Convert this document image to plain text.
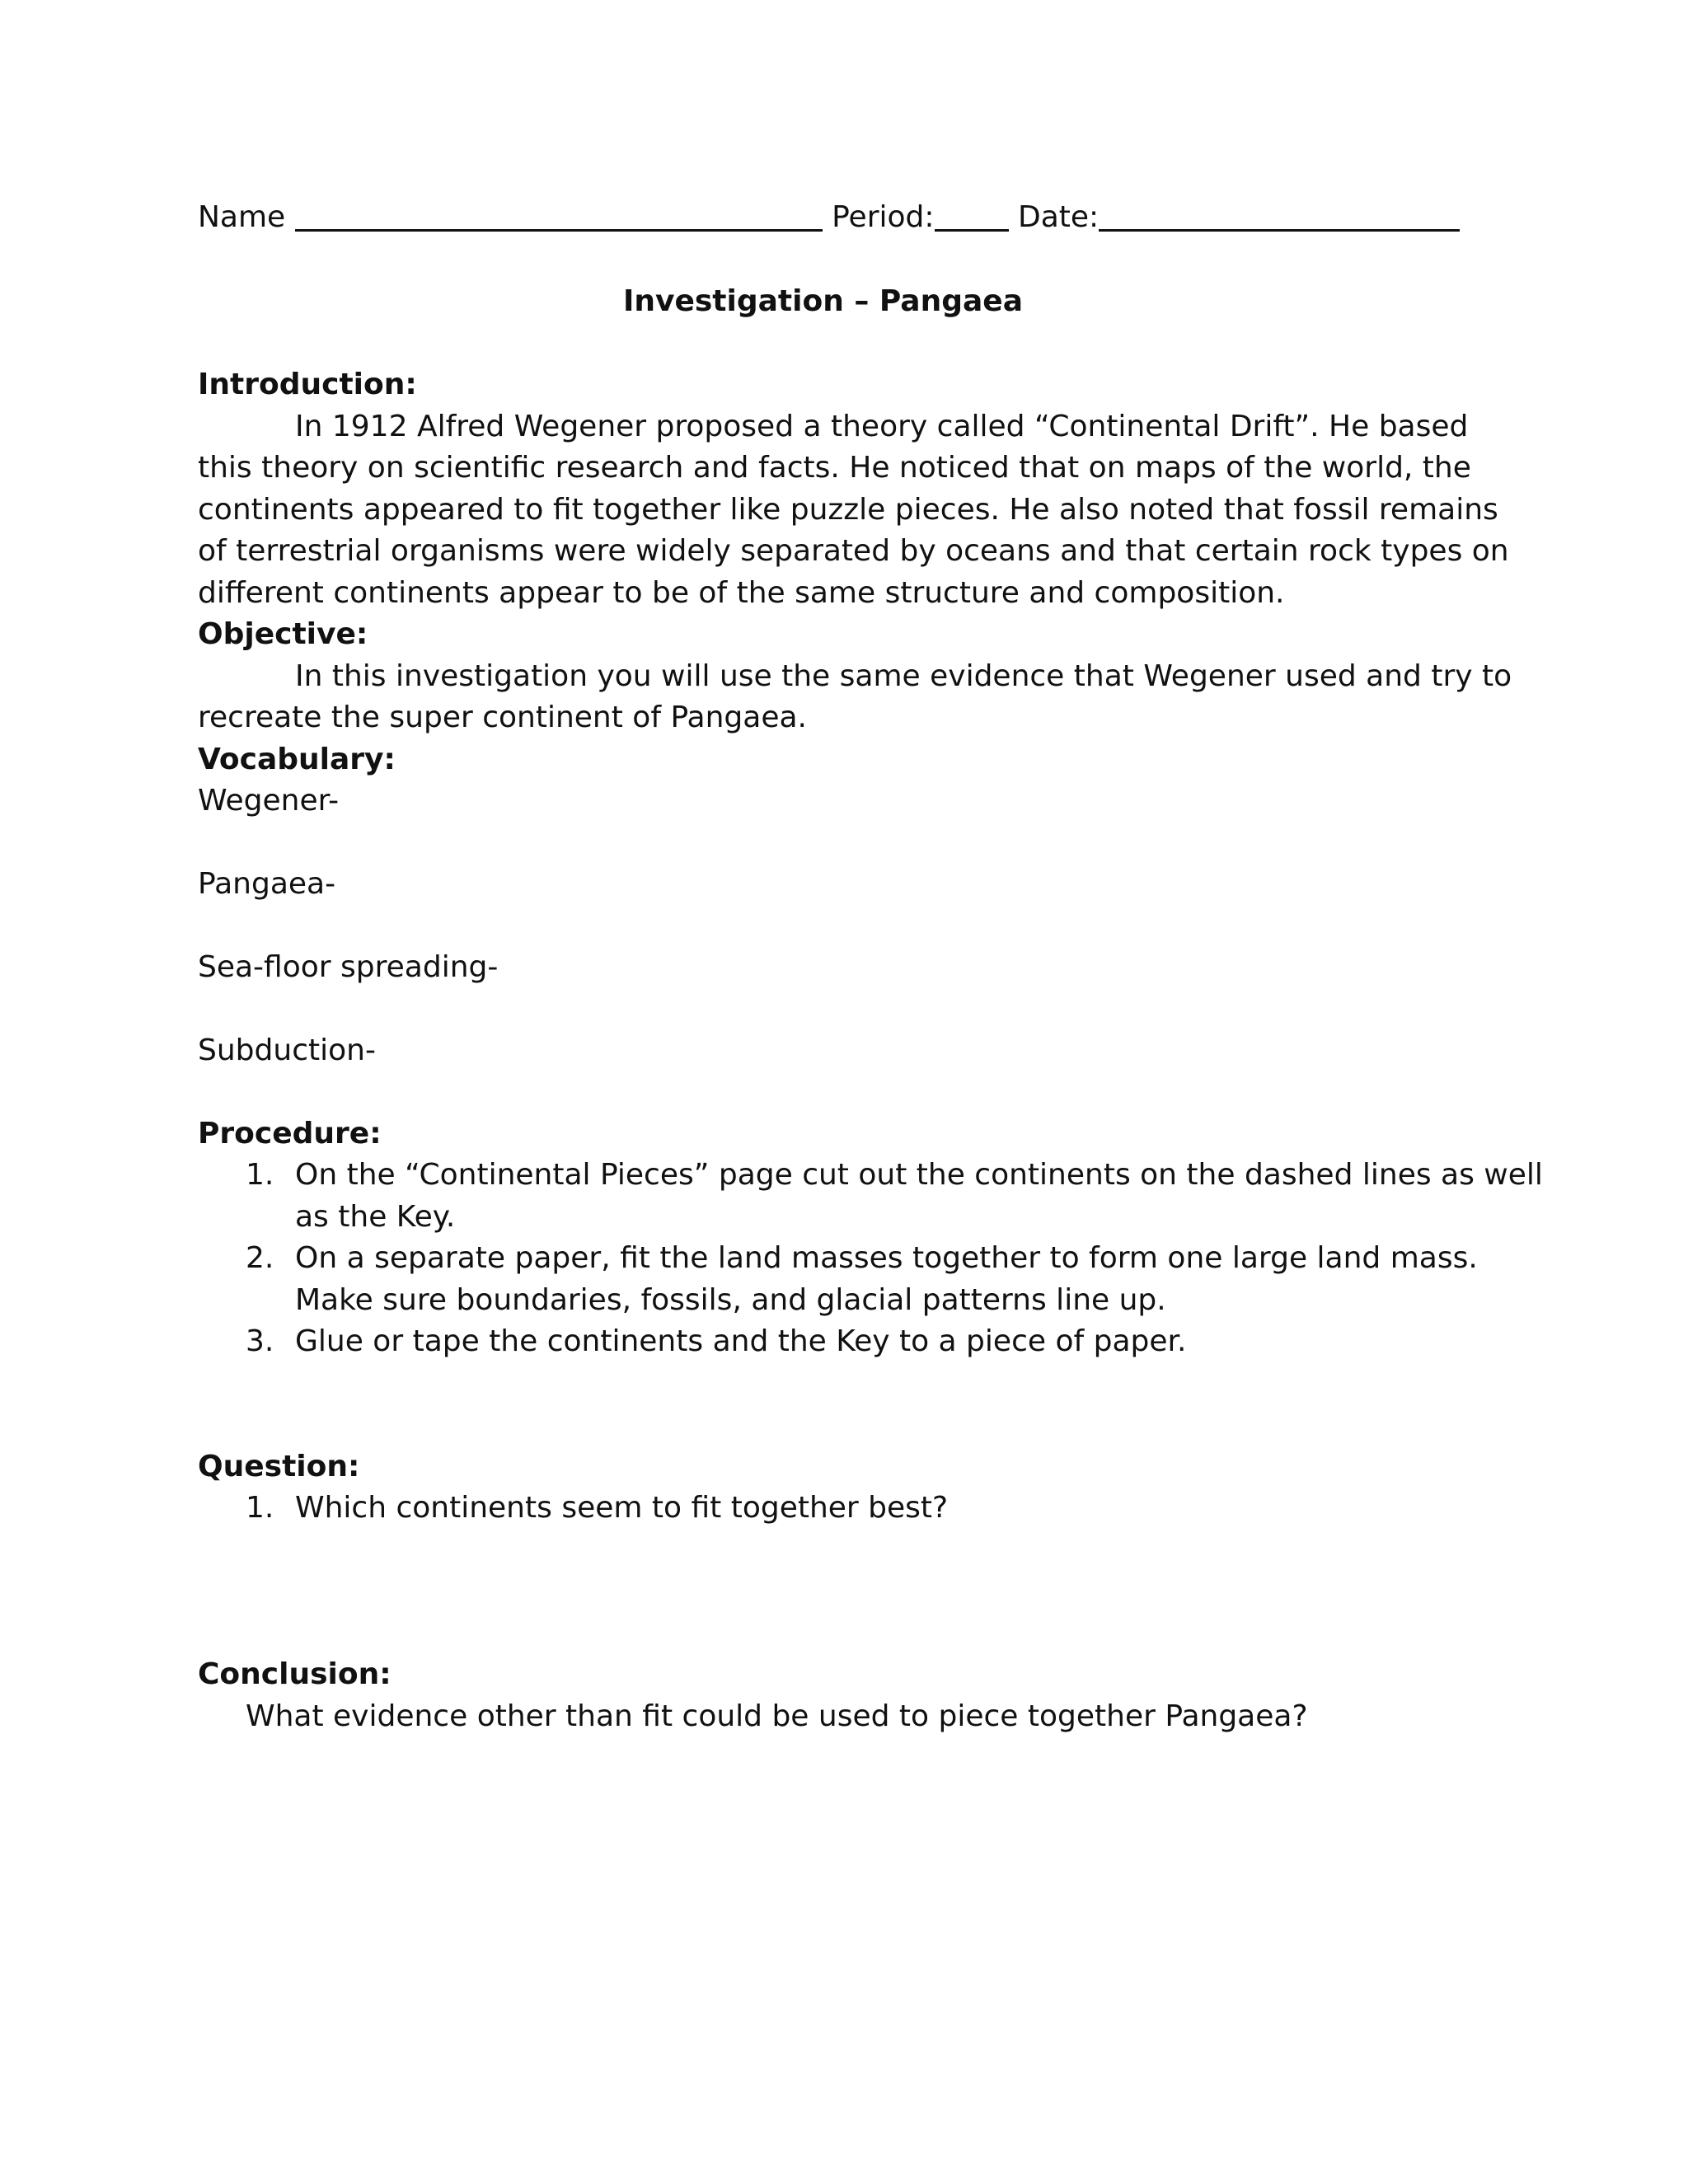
Name	Period:	Date:
Investigation – Pangaea
Introduction:
In 1912 Alfred Wegener proposed a theory called “Continental Drift”. He based
this theory on scientific research and facts. He noticed that on maps of the world, the
continents appeared to fit together like puzzle pieces. He also noted that fossil remains
of terrestrial organisms were widely separated by oceans and that certain rock types on
different continents appear to be of the same structure and composition.
Objective:
In this investigation you will use the same evidence that Wegener used and try to
recreate the super continent of Pangaea.
Vocabulary:
Wegener-
Pangaea-
Sea-floor spreading-
Subduction-
Procedure:
1. On the “Continental Pieces” page cut out the continents on the dashed lines as well
as the Key.
2. On a separate paper, fit the land masses together to form one large land mass.
Make sure boundaries, fossils, and glacial patterns line up.
3. Glue or tape the continents and the Key to a piece of paper.
Question:
1. Which continents seem to fit together best?
Conclusion:
What evidence other than fit could be used to piece together Pangaea?
